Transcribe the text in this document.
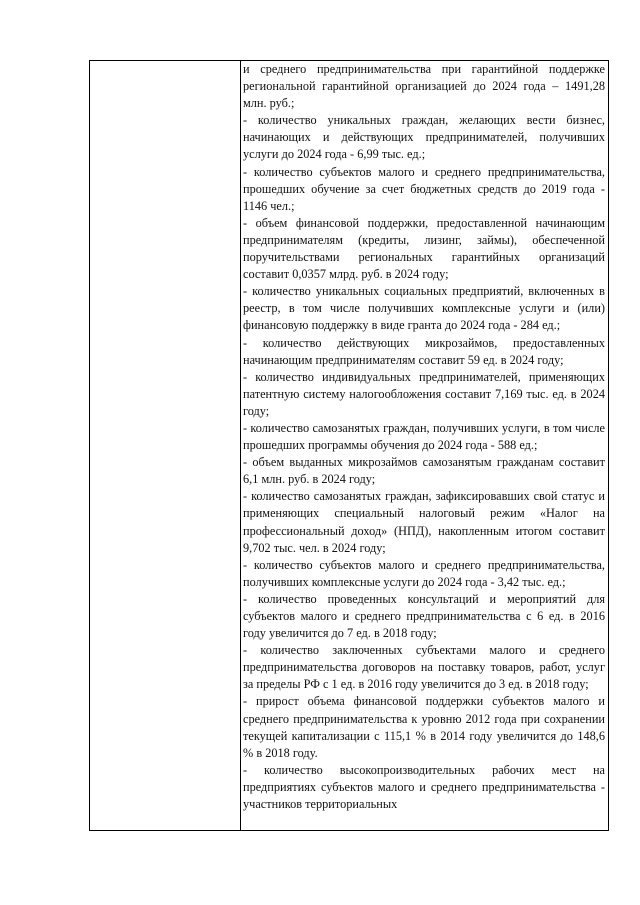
и среднего предпринимательства при гарантийной поддержке региональной гарантийной организацией до 2024 года – 1491,28 млн. руб.;

- количество уникальных граждан, желающих вести бизнес, начинающих и действующих предпринимателей, получивших услуги до 2024 года - 6,99 тыс. ед.;

- количество субъектов малого и среднего предпринимательства, прошедших обучение за счет бюджетных средств до 2019 года - 1146 чел.;

- объем финансовой поддержки, предоставленной начинающим предпринимателям (кредиты, лизинг, займы), обеспеченной поручительствами региональных гарантийных организаций составит 0,0357 млрд. руб. в 2024 году;

- количество уникальных социальных предприятий, включенных в реестр, в том числе получивших комплексные услуги и (или) финансовую поддержку в виде гранта до 2024 года - 284 ед.;

- количество действующих микрозаймов, предоставленных начинающим предпринимателям составит 59 ед. в 2024 году;

- количество индивидуальных предпринимателей, применяющих патентную систему налогообложения составит 7,169 тыс. ед. в 2024 году;

- количество самозанятых граждан, получивших услуги, в том числе прошедших программы обучения до 2024 года - 588 ед.;

- объем выданных микрозаймов самозанятым гражданам составит 6,1 млн. руб. в 2024 году;

- количество самозанятых граждан, зафиксировавших свой статус и применяющих специальный налоговый режим «Налог на профессиональный доход» (НПД), накопленным итогом составит 9,702 тыс. чел. в 2024 году;

- количество субъектов малого и среднего предпринимательства, получивших комплексные услуги до 2024 года - 3,42 тыс. ед.;

- количество проведенных консультаций и мероприятий для субъектов малого и среднего предпринимательства с 6 ед. в 2016 году увеличится до 7 ед. в 2018 году;

- количество заключенных субъектами малого и среднего предпринимательства договоров на поставку товаров, работ, услуг за пределы РФ с 1 ед. в 2016 году увеличится до 3 ед. в 2018 году;

- прирост объема финансовой поддержки субъектов малого и среднего предпринимательства к уровню 2012 года при сохранении текущей капитализации с 115,1 % в 2014 году увеличится до 148,6 % в 2018 году.

- количество высокопроизводительных рабочих мест на предприятиях субъектов малого и среднего предпринимательства - участников территориальных
